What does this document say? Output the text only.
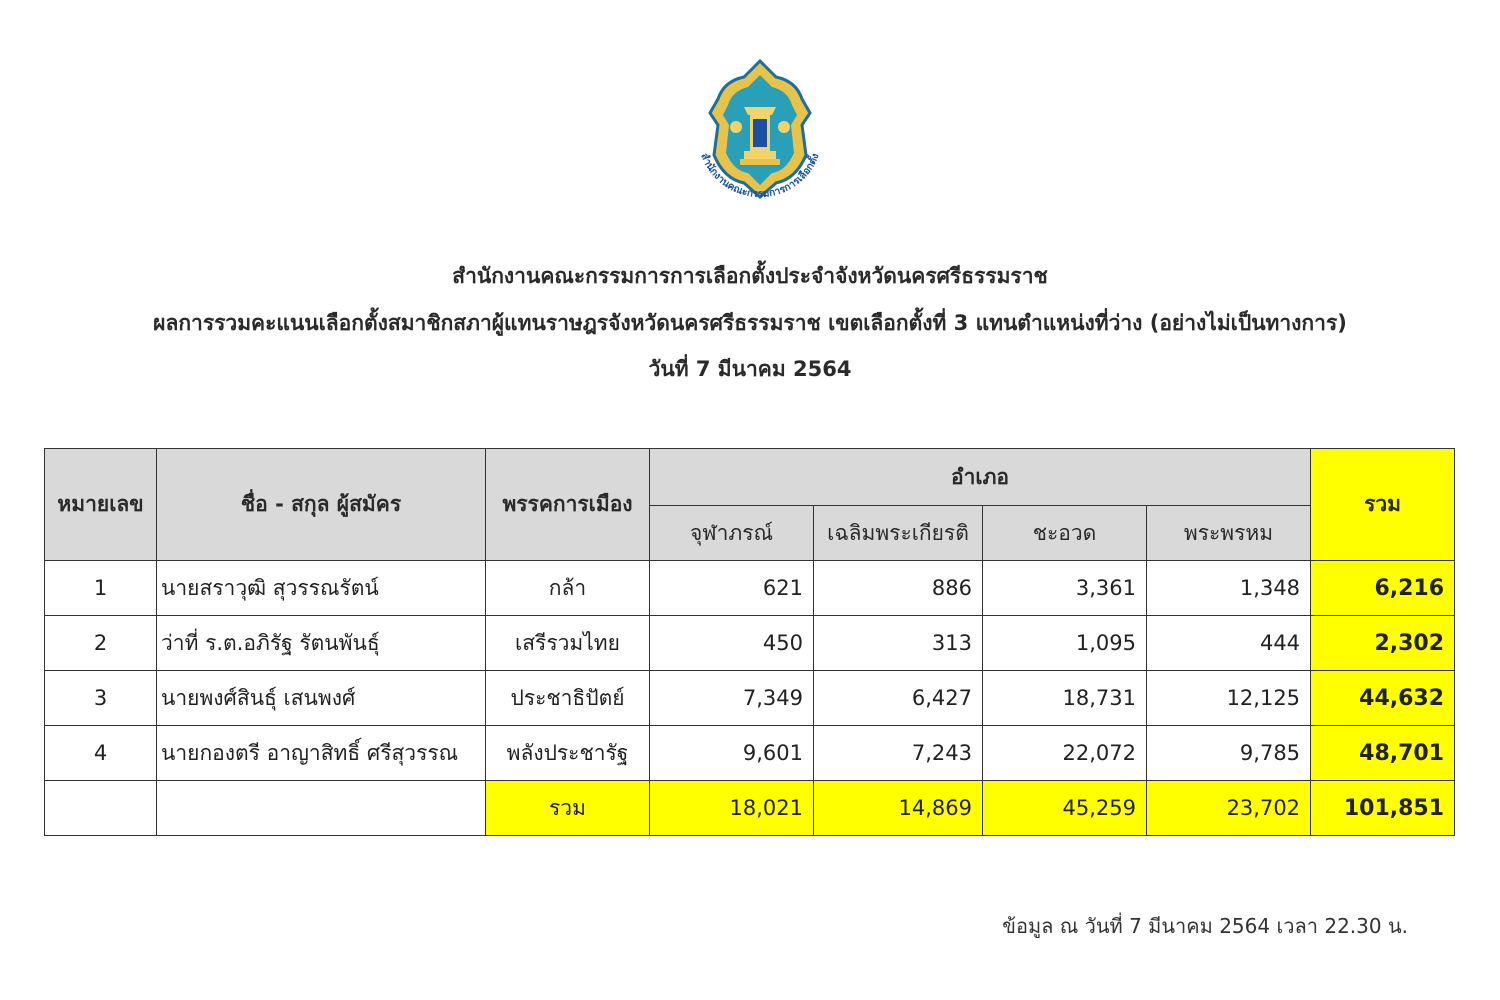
สำนักงานคณะกรรมการการเลือกตั้ง
สำนักงานคณะกรรมการการเลือกตั้งประจำจังหวัดนครศรีธรรมราช
ผลการรวมคะแนนเลือกตั้งสมาชิกสภาผู้แทนราษฎรจังหวัดนครศรีธรรมราช เขตเลือกตั้งที่ 3 แทนตำแหน่งที่ว่าง (อย่างไม่เป็นทางการ)
วันที่ 7 มีนาคม 2564
หมายเลข	ชื่อ - สกุล ผู้สมัคร	พรรคการเมือง	อำเภอ				รวม
			จุฬาภรณ์	เฉลิมพระเกียรติ	ชะอวด	พระพรหม	
1	นายสราวุฒิ สุวรรณรัตน์	กล้า	621	886	3,361	1,348	6,216
2	ว่าที่ ร.ต.อภิรัฐ รัตนพันธุ์	เสรีรวมไทย	450	313	1,095	444	2,302
3	นายพงศ์สินธุ์ เสนพงศ์	ประชาธิปัตย์	7,349	6,427	18,731	12,125	44,632
4	นายกองตรี อาญาสิทธิ์ ศรีสุวรรณ	พลังประชารัฐ	9,601	7,243	22,072	9,785	48,701
		รวม	18,021	14,869	45,259	23,702	101,851
ข้อมูล ณ วันที่ 7 มีนาคม 2564 เวลา 22.30 น.
